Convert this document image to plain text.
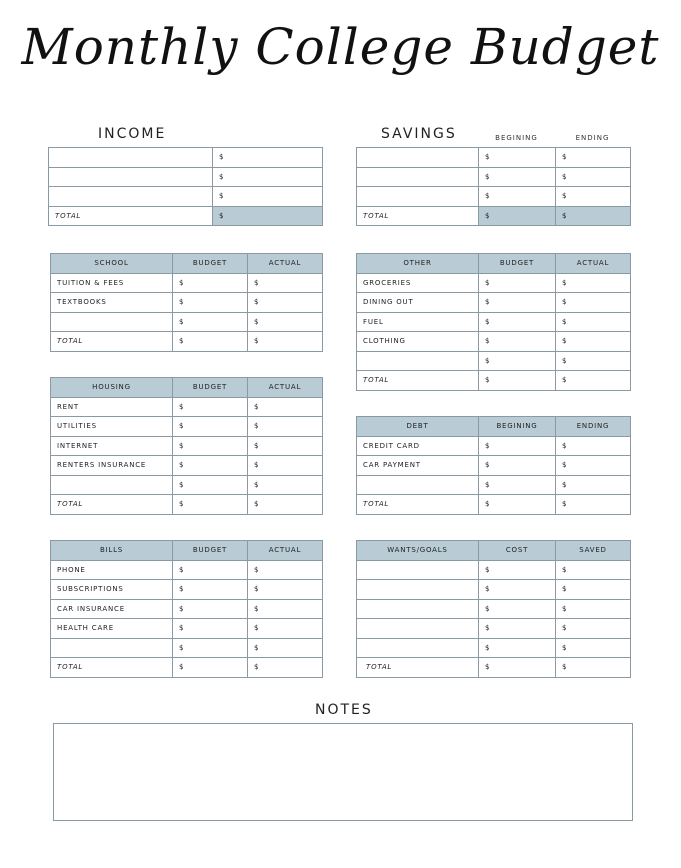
Monthly College Budget
INCOME
	$
	$
	$
TOTAL	$
SAVINGS	BEGINING	ENDING
	$	$
	$	$
	$	$
TOTAL	$	$
SCHOOL	BUDGET	ACTUAL
TUITION & FEES	$	$
TEXTBOOKS	$	$
	$	$
TOTAL	$	$
HOUSING	BUDGET	ACTUAL
RENT	$	$
UTILITIES	$	$
INTERNET	$	$
RENTERS INSURANCE	$	$
	$	$
TOTAL	$	$
BILLS	BUDGET	ACTUAL
PHONE	$	$
SUBSCRIPTIONS	$	$
CAR INSURANCE	$	$
HEALTH CARE	$	$
	$	$
TOTAL	$	$
OTHER	BUDGET	ACTUAL
GROCERIES	$	$
DINING OUT	$	$
FUEL	$	$
CLOTHING	$	$
	$	$
TOTAL	$	$
DEBT	BEGINING	ENDING
CREDIT CARD	$	$
CAR PAYMENT	$	$
	$	$
TOTAL	$	$
WANTS/GOALS	COST	SAVED
	$	$
	$	$
	$	$
	$	$
	$	$
TOTAL	$	$
NOTES
